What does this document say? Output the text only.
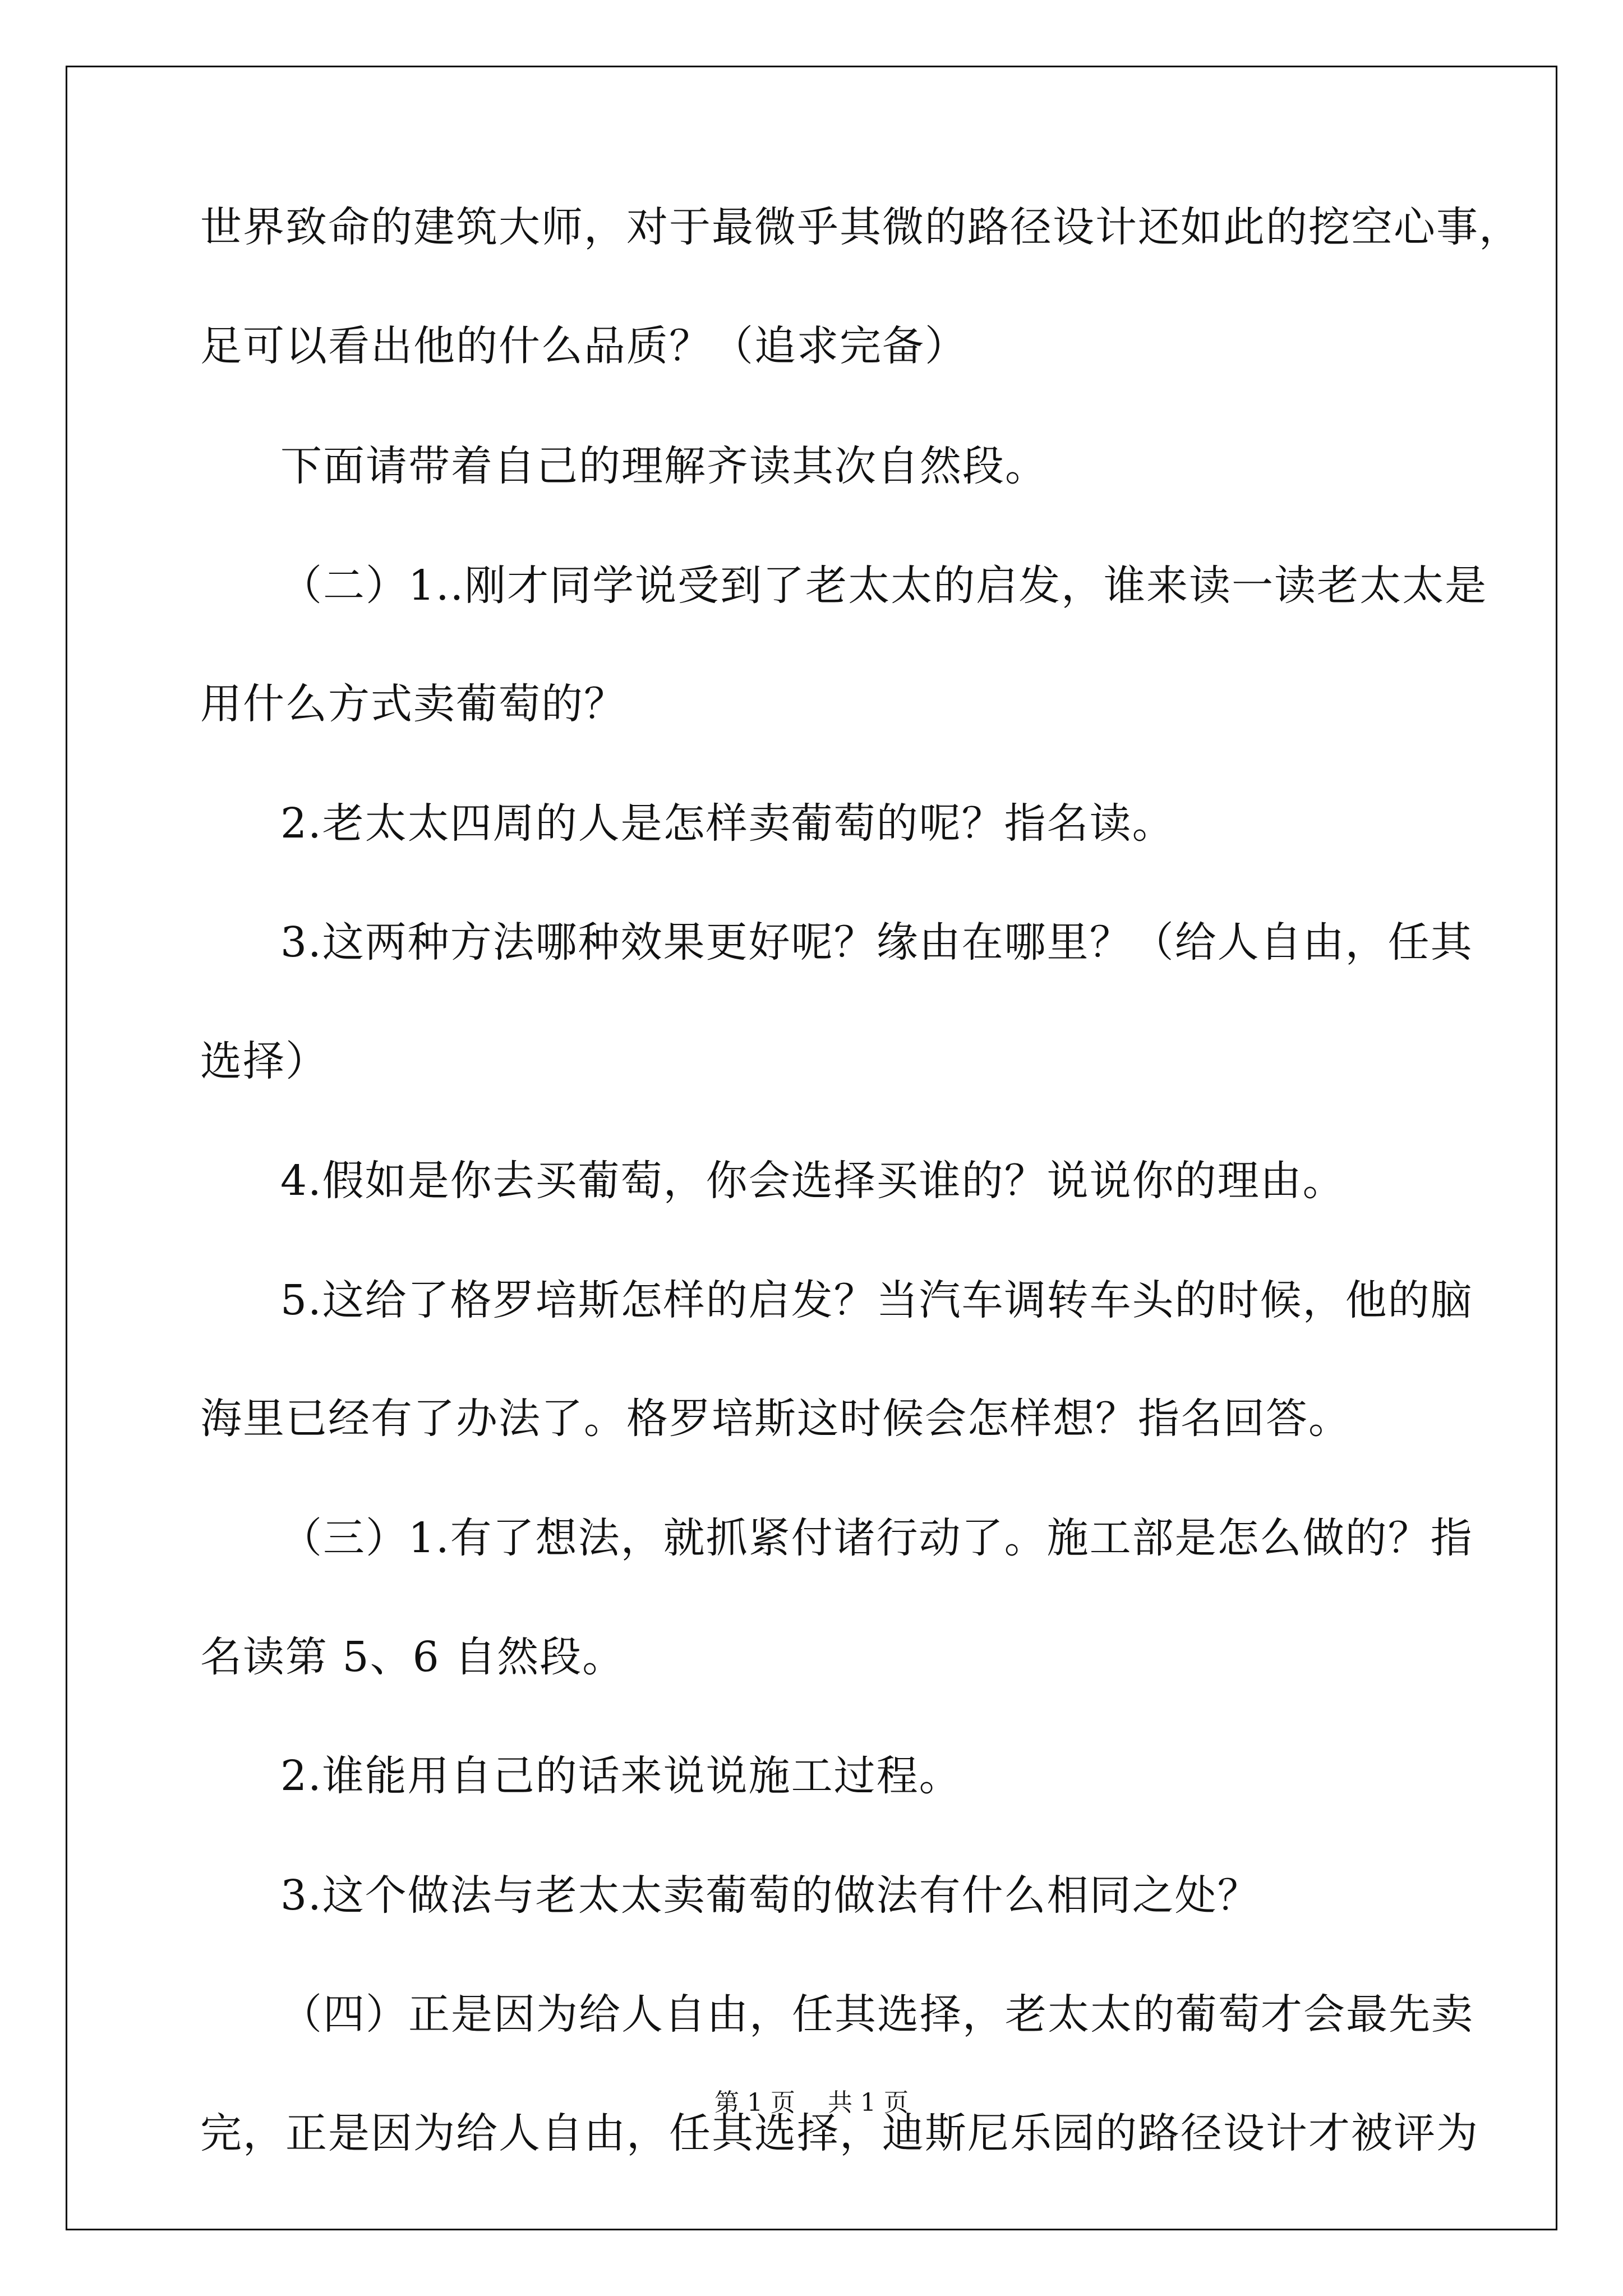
世界致命的建筑大师，对于最微乎其微的路径设计还如此的挖空心事，
足可以看出他的什么品质？（追求完备）
下面请带着自己的理解齐读其次自然段。
（二）1..刚才同学说受到了老太太的启发，谁来读一读老太太是
用什么方式卖葡萄的？
2.老太太四周的人是怎样卖葡萄的呢？指名读。
3.这两种方法哪种效果更好呢？缘由在哪里？（给人自由，任其
选择）
4.假如是你去买葡萄，你会选择买谁的？说说你的理由。
5.这给了格罗培斯怎样的启发？当汽车调转车头的时候，他的脑
海里已经有了办法了。格罗培斯这时候会怎样想？指名回答。
（三）1.有了想法，就抓紧付诸行动了。施工部是怎么做的？指
名读第 5、6 自然段。
2.谁能用自己的话来说说施工过程。
3.这个做法与老太太卖葡萄的做法有什么相同之处？
（四）正是因为给人自由，任其选择，老太太的葡萄才会最先卖
完，正是因为给人自由，任其选择，迪斯尼乐园的路径设计才被评为
第 1 页　 共 1 页
